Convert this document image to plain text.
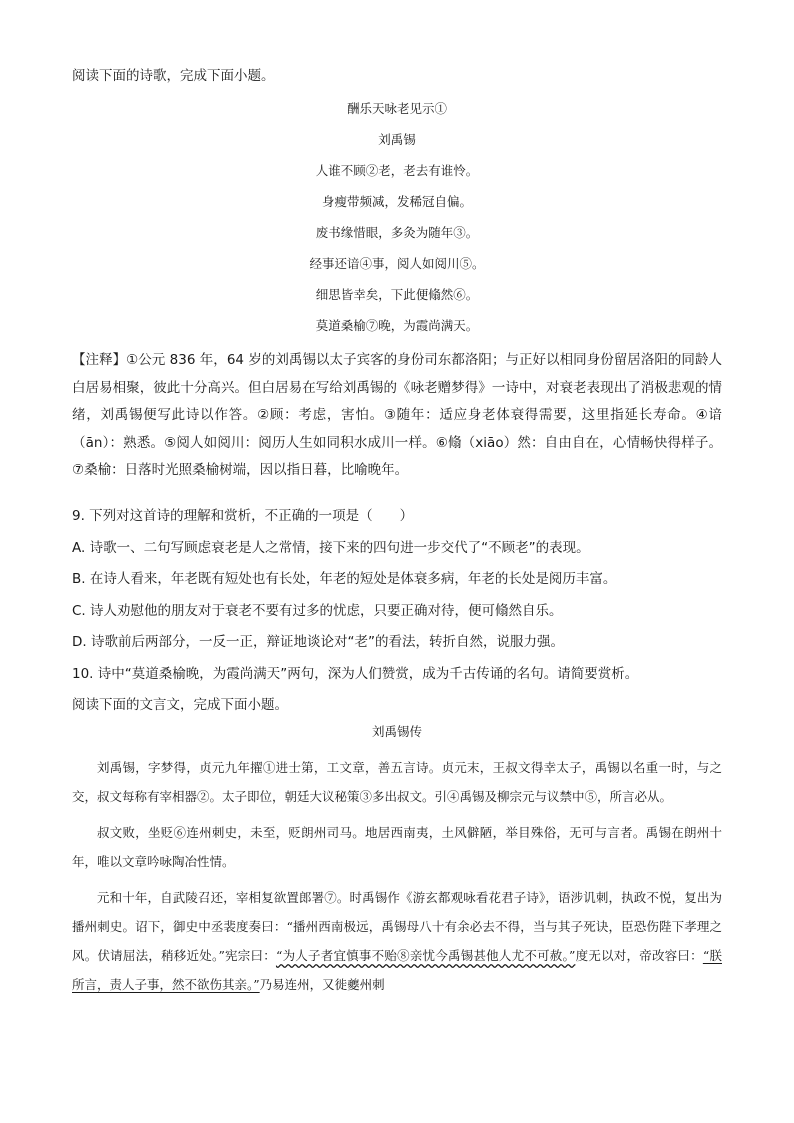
阅读下面的诗歌，完成下面小题。
酬乐天咏老见示①
刘禹锡
人谁不顾②老，老去有谁怜。
身瘦带频减，发稀冠自偏。
废书缘惜眼，多灸为随年③。
经事还谙④事，阅人如阅川⑤。
细思皆幸矣，下此便翛然⑥。
莫道桑榆⑦晚，为霞尚满天。
【注释】①公元 836 年，64 岁的刘禹锡以太子宾客的身份司东都洛阳；与正好以相同身份留居洛阳的同龄人白居易相聚，彼此十分高兴。但白居易在写给刘禹锡的《咏老赠梦得》一诗中，对衰老表现出了消极悲观的情绪，刘禹锡便写此诗以作答。②顾：考虑，害怕。③随年：适应身老体衰得需要，这里指延长寿命。④谙（ān）：熟悉。⑤阅人如阅川：阅历人生如同积水成川一样。⑥翛（xiāo）然：自由自在，心情畅快得样子。⑦桑榆：日落时光照桑榆树端，因以指日暮，比喻晚年。
9. 下列对这首诗的理解和赏析，不正确的一项是（　　）
A. 诗歌一、二句写顾虑衰老是人之常情，接下来的四句进一步交代了“不顾老”的表现。
B. 在诗人看来，年老既有短处也有长处，年老的短处是体衰多病，年老的长处是阅历丰富。
C. 诗人劝慰他的朋友对于衰老不要有过多的忧虑，只要正确对待，便可翛然自乐。
D. 诗歌前后两部分，一反一正，辩证地谈论对“老”的看法，转折自然，说服力强。
10. 诗中“莫道桑榆晚，为霞尚满天”两句，深为人们赞赏，成为千古传诵的名句。请简要赏析。
阅读下面的文言文，完成下面小题。
刘禹锡传

刘禹锡，字梦得，贞元九年擢①进士第，工文章，善五言诗。贞元末，王叔文得幸太子，禹锡以名重一时，与之交，叔文每称有宰相器②。太子即位，朝廷大议秘策③多出叔文。引④禹锡及柳宗元与议禁中⑤，所言必从。

叔文败，坐贬⑥连州刺史，未至，贬朗州司马。地居西南夷，土风僻陋，举目殊俗，无可与言者。禹锡在朗州十年，唯以文章吟咏陶冶性情。

元和十年，自武陵召还，宰相复欲置郎署⑦。时禹锡作《游玄都观咏看花君子诗》，语涉讥刺，执政不悦，复出为播州刺史。诏下，御史中丞裴度奏曰：“播州西南极远，禹锡母八十有余必去不得，当与其子死诀，臣恐伤陛下孝理之风。伏请屈法，稍移近处。”宪宗曰：“为人子者宜慎事不贻⑧亲忧今禹锡甚他人尤不可赦。”度无以对，帝改容曰：“朕所言，责人子事，然不欲伤其亲。”乃易连州，又徙夔州刺
